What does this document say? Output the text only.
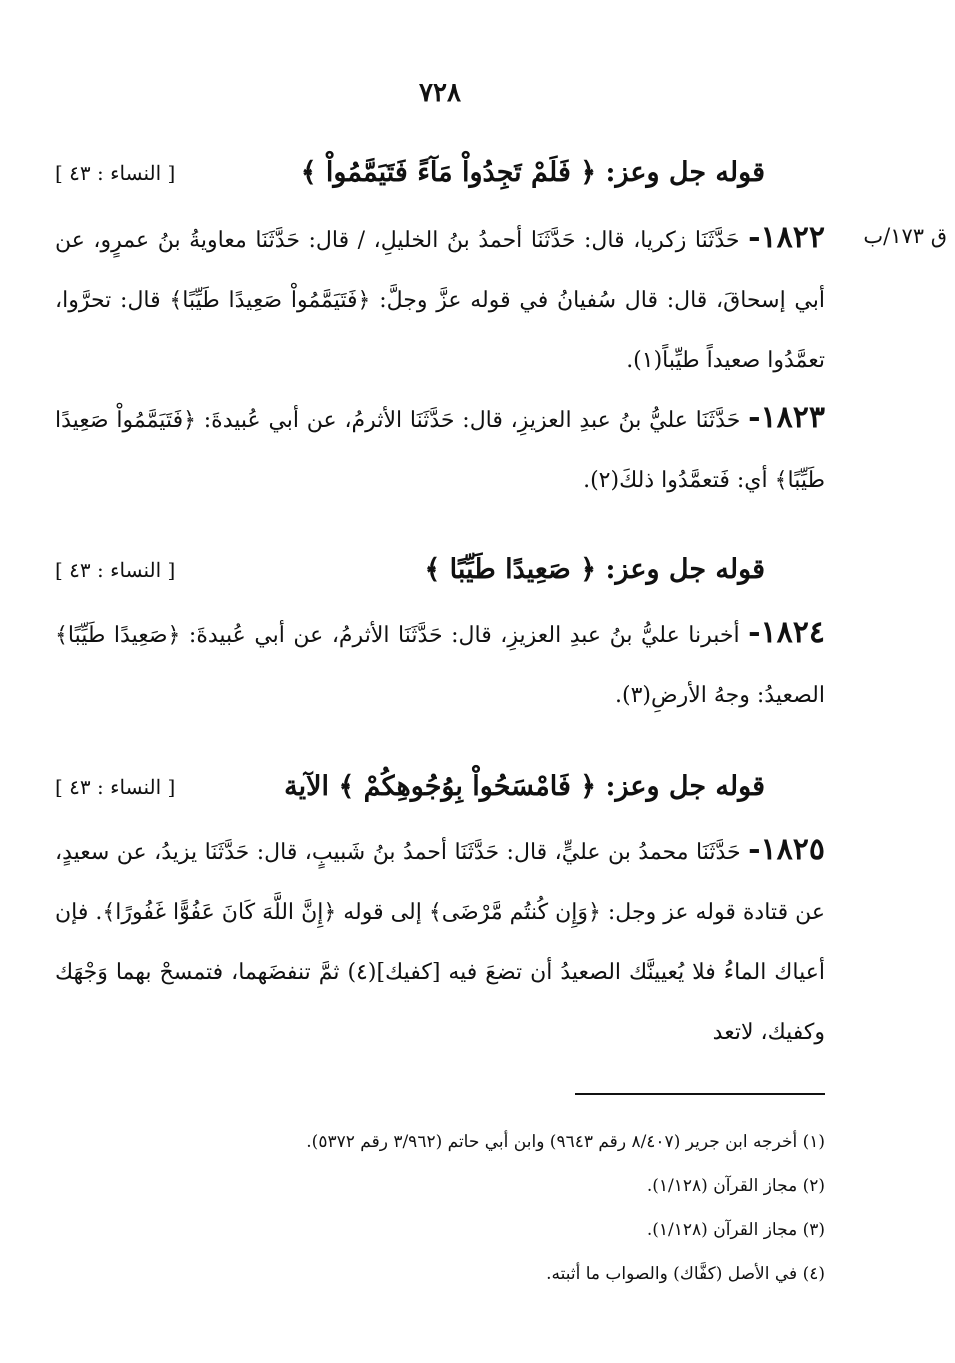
٧٢٨
ق ١٧٣/ب
قوله جل وعز: ﴿ فَلَمْ تَجِدُواْ مَآءً فَتَيَمَّمُواْ ﴾
[ النساء : ٤٣ ]
١٨٢٢- حَدَّثَنَا زكريا، قال: حَدَّثَنَا أحمدُ بنُ الخليلِ، / قال: حَدَّثَنَا معاويةُ بنُ عمرٍو، عن أبي إسحاقَ، قال: قال سُفيانُ في قوله عزَّ وجلَّ: ﴿فَتَيَمَّمُواْ صَعِيدًا طَيِّبًا﴾ قال: تحرَّوا، تعمَّدُوا صعيداً طيِّباً(١).
١٨٢٣- حَدَّثَنَا عليُّ بنُ عبدِ العزيزِ، قال: حَدَّثَنَا الأثرمُ، عن أبي عُبيدةَ: ﴿فَتَيَمَّمُواْ صَعِيدًا طَيِّبًا﴾ أي: فَتعمَّدُوا ذلكَ(٢).
قوله جل وعز: ﴿ صَعِيدًا طَيِّبًا ﴾
[ النساء : ٤٣ ]
١٨٢٤- أخبرنا عليُّ بنُ عبدِ العزيزِ، قال: حَدَّثَنَا الأثرمُ، عن أبي عُبيدةَ: ﴿صَعِيدًا طَيِّبًا﴾ الصعيدُ: وجهُ الأرضِ(٣).
قوله جل وعز: ﴿ فَامْسَحُواْ بِوُجُوهِكُمْ ﴾ الآية
[ النساء : ٤٣ ]
١٨٢٥- حَدَّثَنَا محمدُ بن عليٍّ، قال: حَدَّثَنَا أحمدُ بنُ شَبيبٍ، قال: حَدَّثَنَا يزيدُ، عن سعيدٍ، عن قتادة قوله عز وجل: ﴿وَإِن كُنتُم مَّرْضَى﴾ إلى قوله ﴿إِنَّ اللَّهَ كَانَ عَفُوًّا غَفُورًا﴾. فإن أعياك الماءُ فلا يُعيينَّك الصعيدُ أن تضعَ فيه [كفيك](٤) ثمَّ تنفضَهما، فتمسحْ بهما وَجْهَك وكفيك، لاتعد
(١) أخرجه ابن جرير (٨/٤٠٧ رقم ٩٦٤٣) وابن أبي حاتم (٣/٩٦٢ رقم ٥٣٧٢).
(٢) مجاز القرآن (١/١٢٨).
(٣) مجاز القرآن (١/١٢٨).
(٤) في الأصل (كفَّاك) والصواب ما أثبته.
